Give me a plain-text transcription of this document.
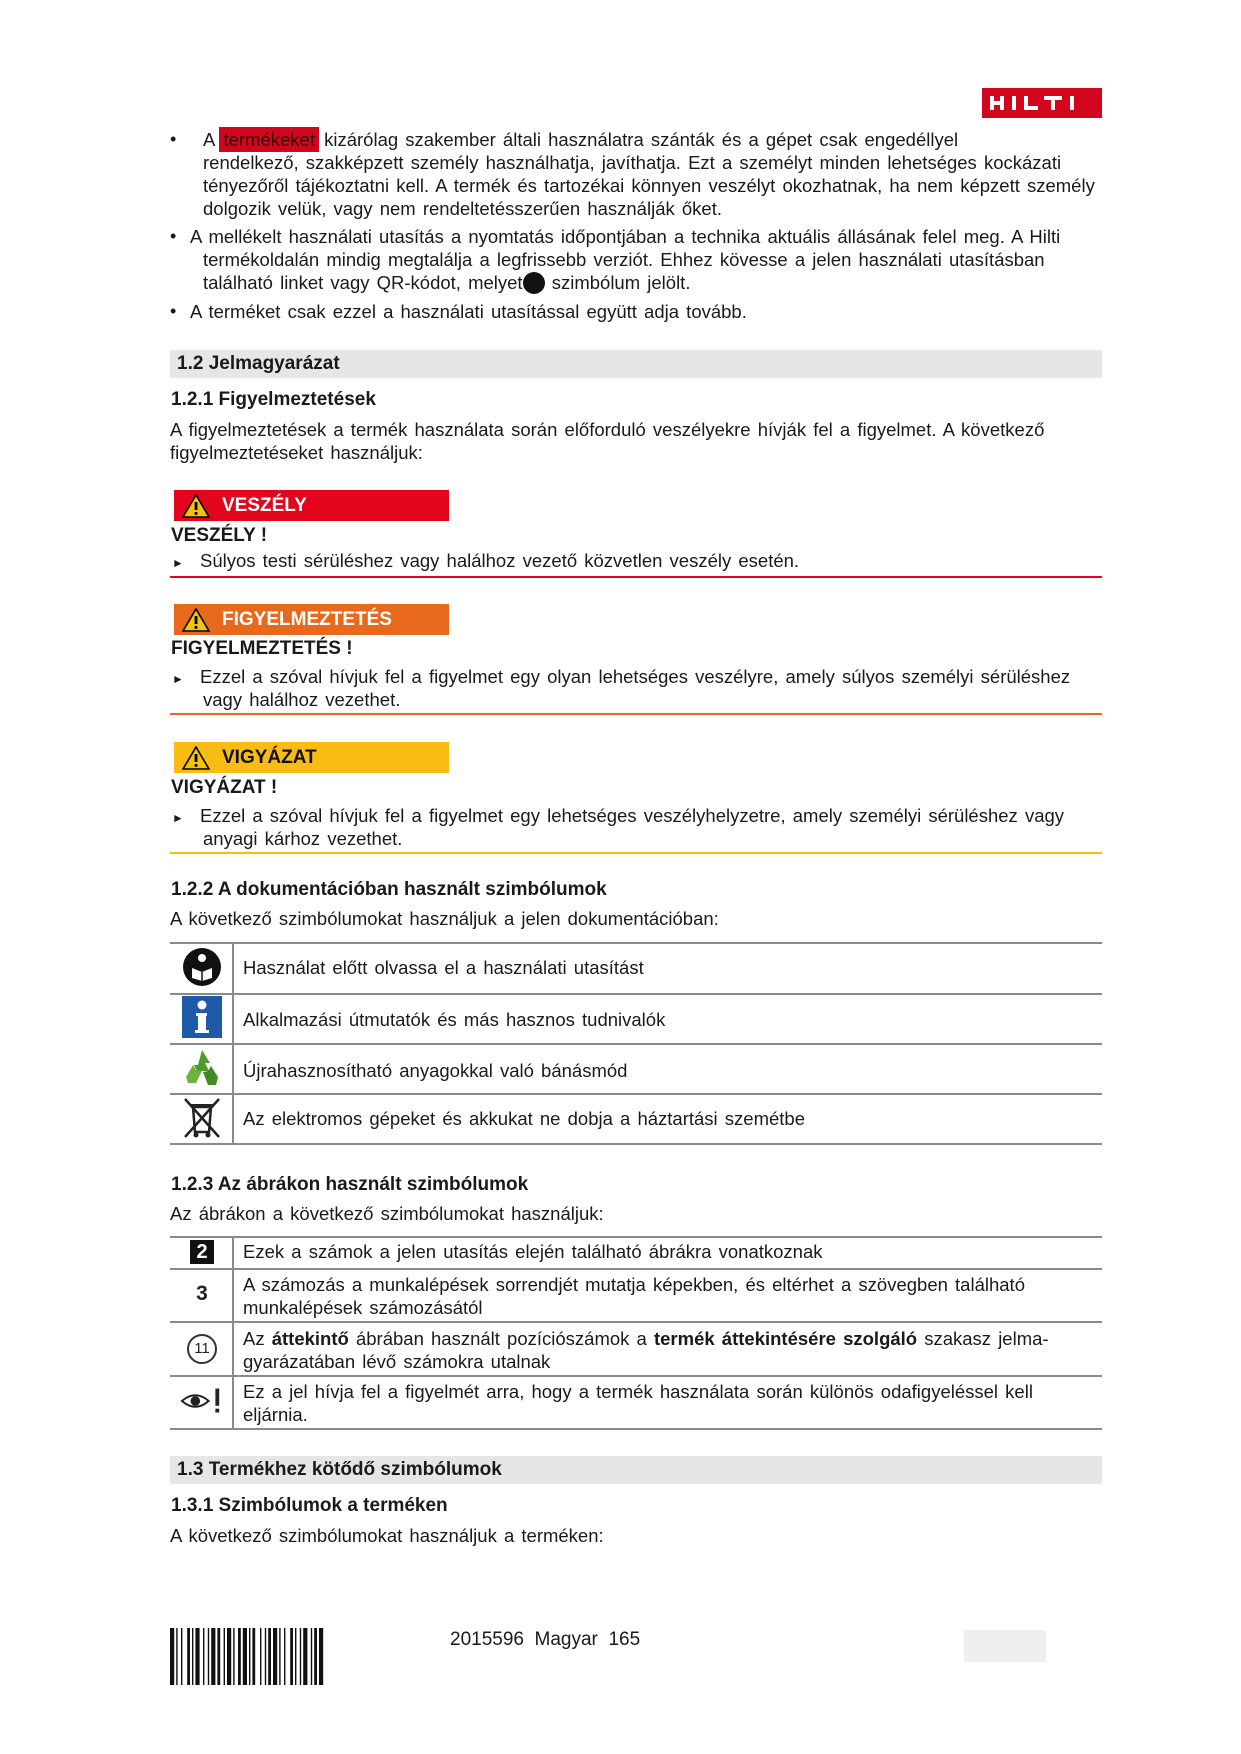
•	A termékeket kizárólag szakember általi használatra szánták és a gépet csak engedéllyel
rendelkező, szakképzett személy használhatja, javíthatja. Ezt a személyt minden lehetséges kockázati
tényezőről tájékoztatni kell. A termék és tartozékai könnyen veszélyt okozhatnak, ha nem képzett személy
dolgozik velük, vagy nem rendeltetésszerűen használják őket.
• A mellékelt használati utasítás a nyomtatás időpontjában a technika aktuális állásának felel meg. A Hilti
termékoldalán mindig megtalálja a legfrissebb verziót. Ehhez kövesse a jelen használati utasításban
található linket vagy QR-kódot, melyet szimbólum jelölt.
• A terméket csak ezzel a használati utasítással együtt adja tovább.
1.2 Jelmagyarázat
1.2.1 Figyelmeztetések
A figyelmeztetések a termék használata során előforduló veszélyekre hívják fel a figyelmet. A következő
figyelmeztetéseket használjuk:
VESZÉLY
VESZÉLY !
► Súlyos testi sérüléshez vagy halálhoz vezető közvetlen veszély esetén.
FIGYELMEZTETÉS
FIGYELMEZTETÉS !
► Ezzel a szóval hívjuk fel a figyelmet egy olyan lehetséges veszélyre, amely súlyos személyi sérüléshez
vagy halálhoz vezethet.
VIGYÁZAT
VIGYÁZAT !
► Ezzel a szóval hívjuk fel a figyelmet egy lehetséges veszélyhelyzetre, amely személyi sérüléshez vagy
anyagi kárhoz vezethet.
1.2.2 A dokumentációban használt szimbólumok
A következő szimbólumokat használjuk a jelen dokumentációban:
Használat előtt olvassa el a használati utasítást
Alkalmazási útmutatók és más hasznos tudnivalók
Újrahasznosítható anyagokkal való bánásmód
Az elektromos gépeket és akkukat ne dobja a háztartási szemétbe
1.2.3 Az ábrákon használt szimbólumok
Az ábrákon a következő szimbólumokat használjuk:
2	Ezek a számok a jelen utasítás elején található ábrákra vonatkoznak
3 A számozás a munkalépések sorrendjét mutatja képekben, és eltérhet a szövegben található
munkalépések számozásától
11	Az áttekintő ábrában használt pozíciószámok a termék áttekintésére szolgáló szakasz jelma-
gyarázatában lévő számokra utalnak
Ez a jel hívja fel a figyelmét arra, hogy a termék használata során különös odafigyeléssel kell
eljárnia.
1.3 Termékhez kötődő szimbólumok
1.3.1 Szimbólumok a terméken
A következő szimbólumokat használjuk a terméken:
2015596 Magyar 165
